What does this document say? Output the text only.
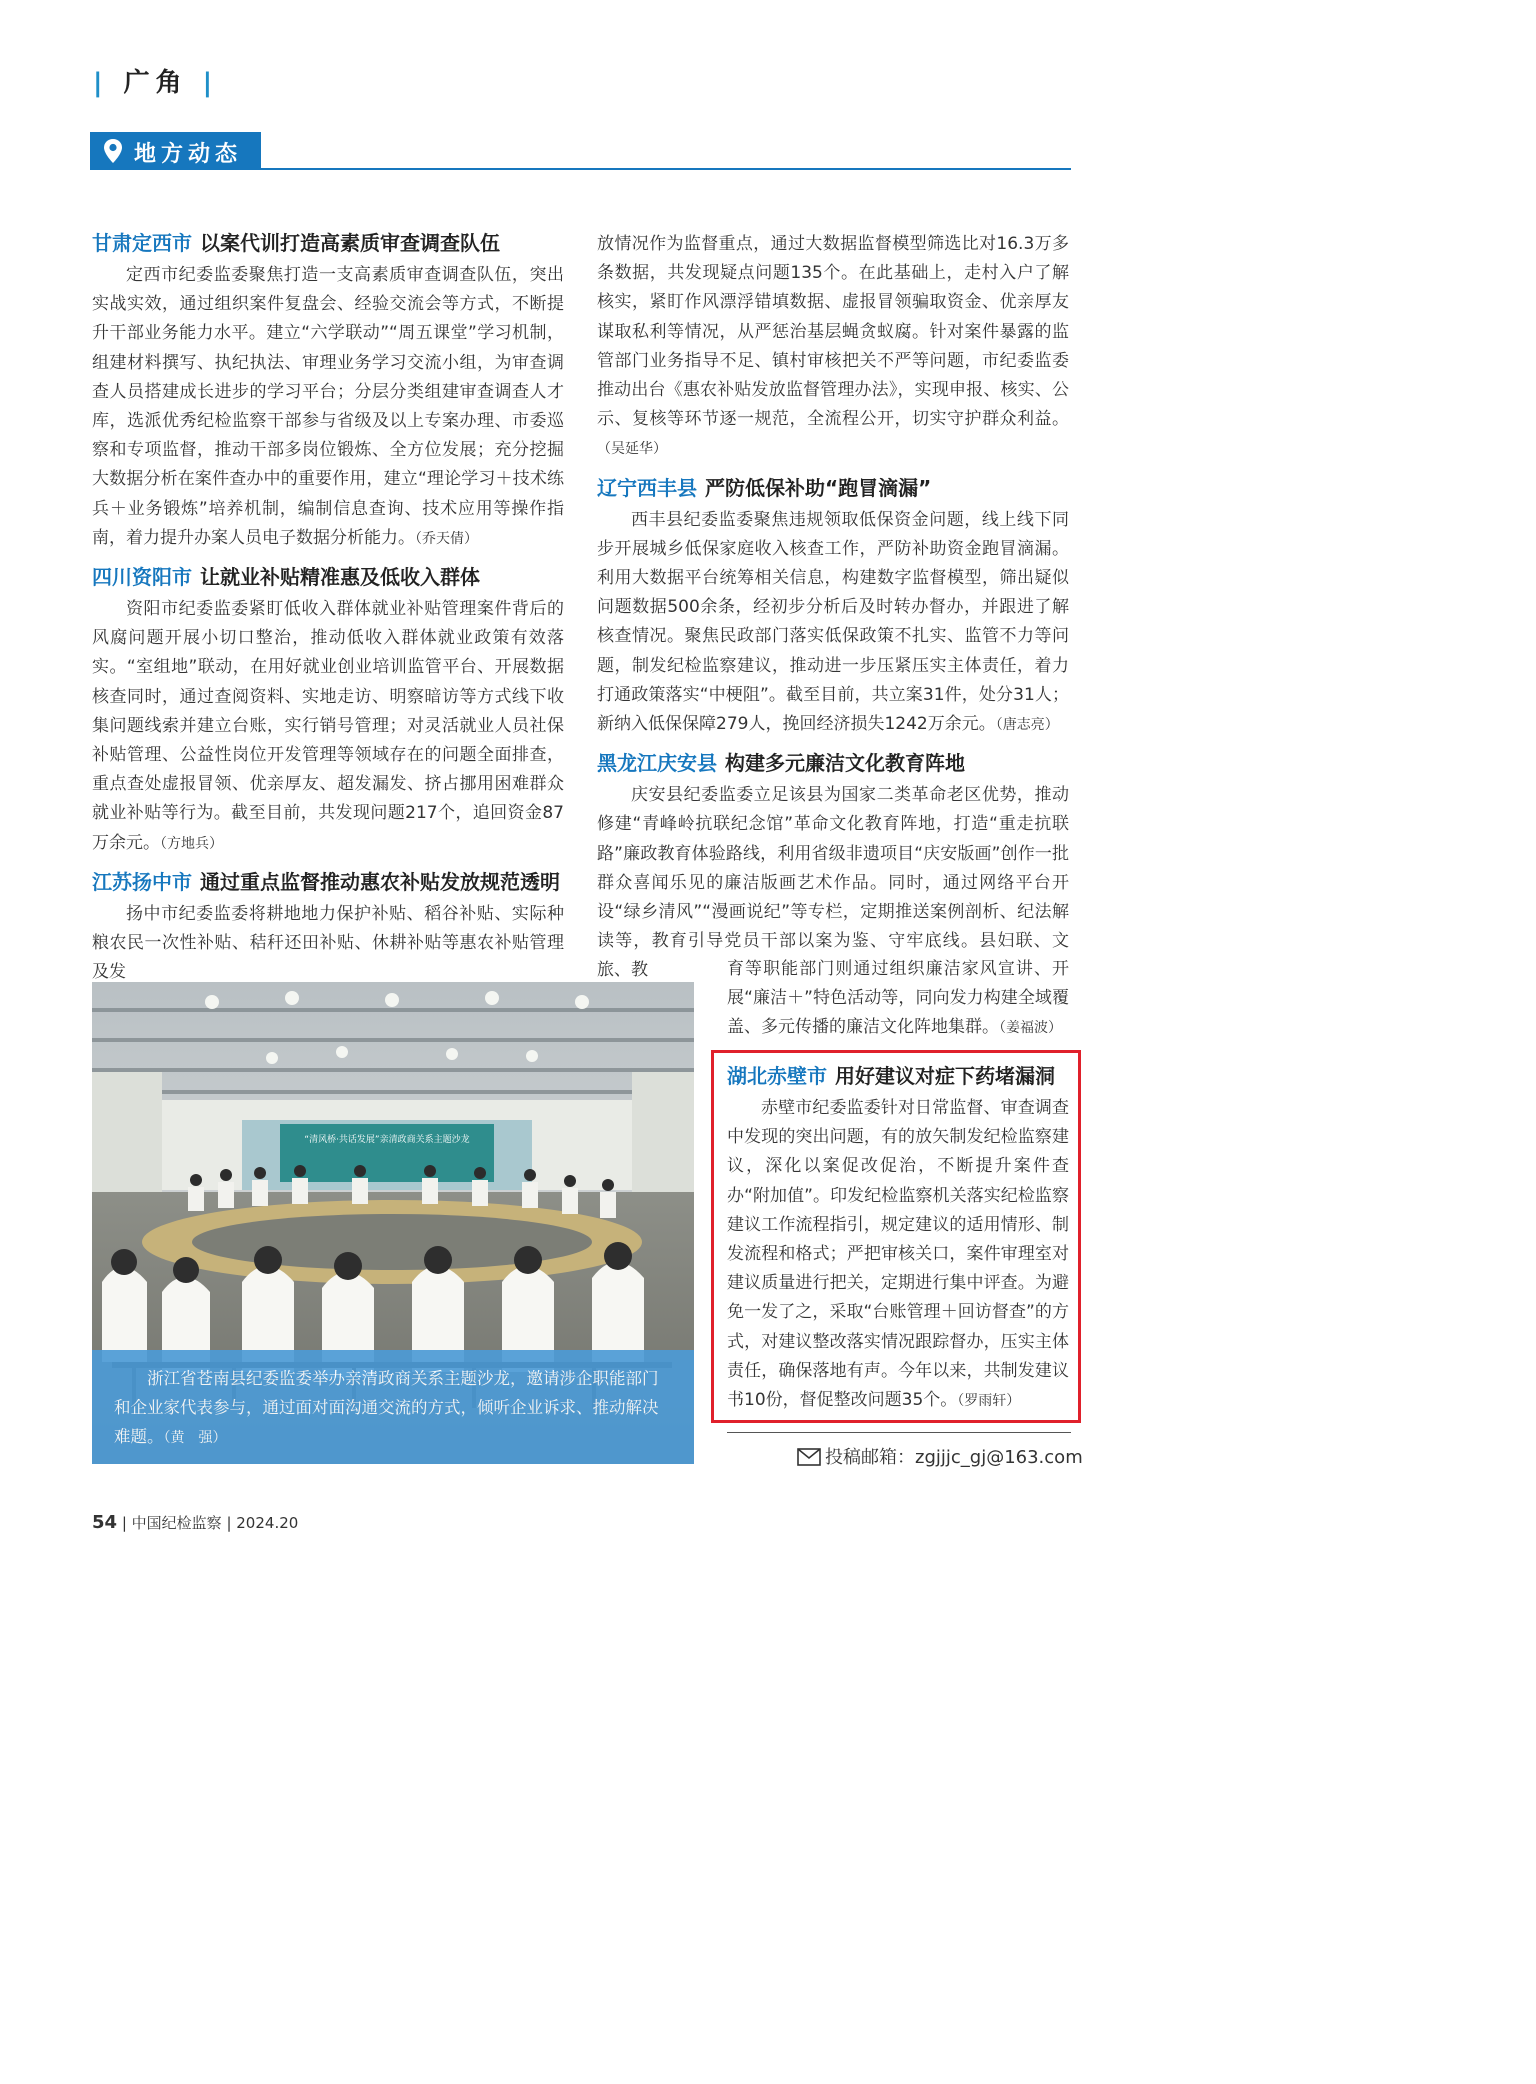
| 广角 |
地方动态
甘肃定西市 以案代训打造高素质审查调查队伍

定西市纪委监委聚焦打造一支高素质审查调查队伍，突出实战实效，通过组织案件复盘会、经验交流会等方式，不断提升干部业务能力水平。建立“六学联动”“周五课堂”学习机制，组建材料撰写、执纪执法、审理业务学习交流小组，为审查调查人员搭建成长进步的学习平台；分层分类组建审查调查人才库，选派优秀纪检监察干部参与省级及以上专案办理、市委巡察和专项监督，推动干部多岗位锻炼、全方位发展；充分挖掘大数据分析在案件查办中的重要作用，建立“理论学习＋技术练兵＋业务锻炼”培养机制，编制信息查询、技术应用等操作指南，着力提升办案人员电子数据分析能力。（乔天倩）

四川资阳市 让就业补贴精准惠及低收入群体

资阳市纪委监委紧盯低收入群体就业补贴管理案件背后的风腐问题开展小切口整治，推动低收入群体就业政策有效落实。“室组地”联动，在用好就业创业培训监管平台、开展数据核查同时，通过查阅资料、实地走访、明察暗访等方式线下收集问题线索并建立台账，实行销号管理；对灵活就业人员社保补贴管理、公益性岗位开发管理等领域存在的问题全面排查，重点查处虚报冒领、优亲厚友、超发漏发、挤占挪用困难群众就业补贴等行为。截至目前，共发现问题217个，追回资金87万余元。（方地兵）

江苏扬中市 通过重点监督推动惠农补贴发放规范透明

扬中市纪委监委将耕地地力保护补贴、稻谷补贴、实际种粮农民一次性补贴、秸秆还田补贴、休耕补贴等惠农补贴管理及发

放情况作为监督重点，通过大数据监督模型筛选比对16.3万多条数据，共发现疑点问题135个。在此基础上，走村入户了解核实，紧盯作风漂浮错填数据、虚报冒领骗取资金、优亲厚友谋取私利等情况，从严惩治基层蝇贪蚁腐。针对案件暴露的监管部门业务指导不足、镇村审核把关不严等问题，市纪委监委推动出台《惠农补贴发放监督管理办法》，实现申报、核实、公示、复核等环节逐一规范，全流程公开，切实守护群众利益。（吴延华）

辽宁西丰县 严防低保补助“跑冒滴漏”

西丰县纪委监委聚焦违规领取低保资金问题，线上线下同步开展城乡低保家庭收入核查工作，严防补助资金跑冒滴漏。利用大数据平台统筹相关信息，构建数字监督模型，筛出疑似问题数据500余条，经初步分析后及时转办督办，并跟进了解核查情况。聚焦民政部门落实低保政策不扎实、监管不力等问题，制发纪检监察建议，推动进一步压紧压实主体责任，着力打通政策落实“中梗阻”。截至目前，共立案31件，处分31人；新纳入低保保障279人，挽回经济损失1242万余元。（唐志亮）

黑龙江庆安县 构建多元廉洁文化教育阵地

庆安县纪委监委立足该县为国家二类革命老区优势，推动修建“青峰岭抗联纪念馆”革命文化教育阵地，打造“重走抗联路”廉政教育体验路线，利用省级非遗项目“庆安版画”创作一批群众喜闻乐见的廉洁版画艺术作品。同时，通过网络平台开设“绿乡清风”“漫画说纪”等专栏，定期推送案例剖析、纪法解读等，教育引导党员干部以案为鉴、守牢底线。县妇联、文旅、教	育等职能部门则通过组织廉洁家风宣讲、开展“廉洁＋”特色活动等，同向发力构建全域覆盖、多元传播的廉洁文化阵地集群。（姜福波）

湖北赤壁市 用好建议对症下药堵漏洞

赤壁市纪委监委针对日常监督、审查调查中发现的突出问题，有的放矢制发纪检监察建议，深化以案促改促治，不断提升案件查办“附加值”。印发纪检监察机关落实纪检监察建议工作流程指引，规定建议的适用情形、制发流程和格式；严把审核关口，案件审理室对建议质量进行把关，定期进行集中评查。为避免一发了之，采取“台账管理＋回访督查”的方式，对建议整改落实情况跟踪督办，压实主体责任，确保落地有声。今年以来，共制发建议书10份，督促整改问题35个。（罗雨轩）

“清风桥·共话发展”亲清政商关系主题沙龙

浙江省苍南县纪委监委举办亲清政商关系主题沙龙，邀请涉企职能部门和企业家代表参与，通过面对面沟通交流的方式，倾听企业诉求、推动解决难题。（黄　强）

投稿邮箱：zgjjjc_gj@163.com
54 | 中国纪检监察 | 2024.20
